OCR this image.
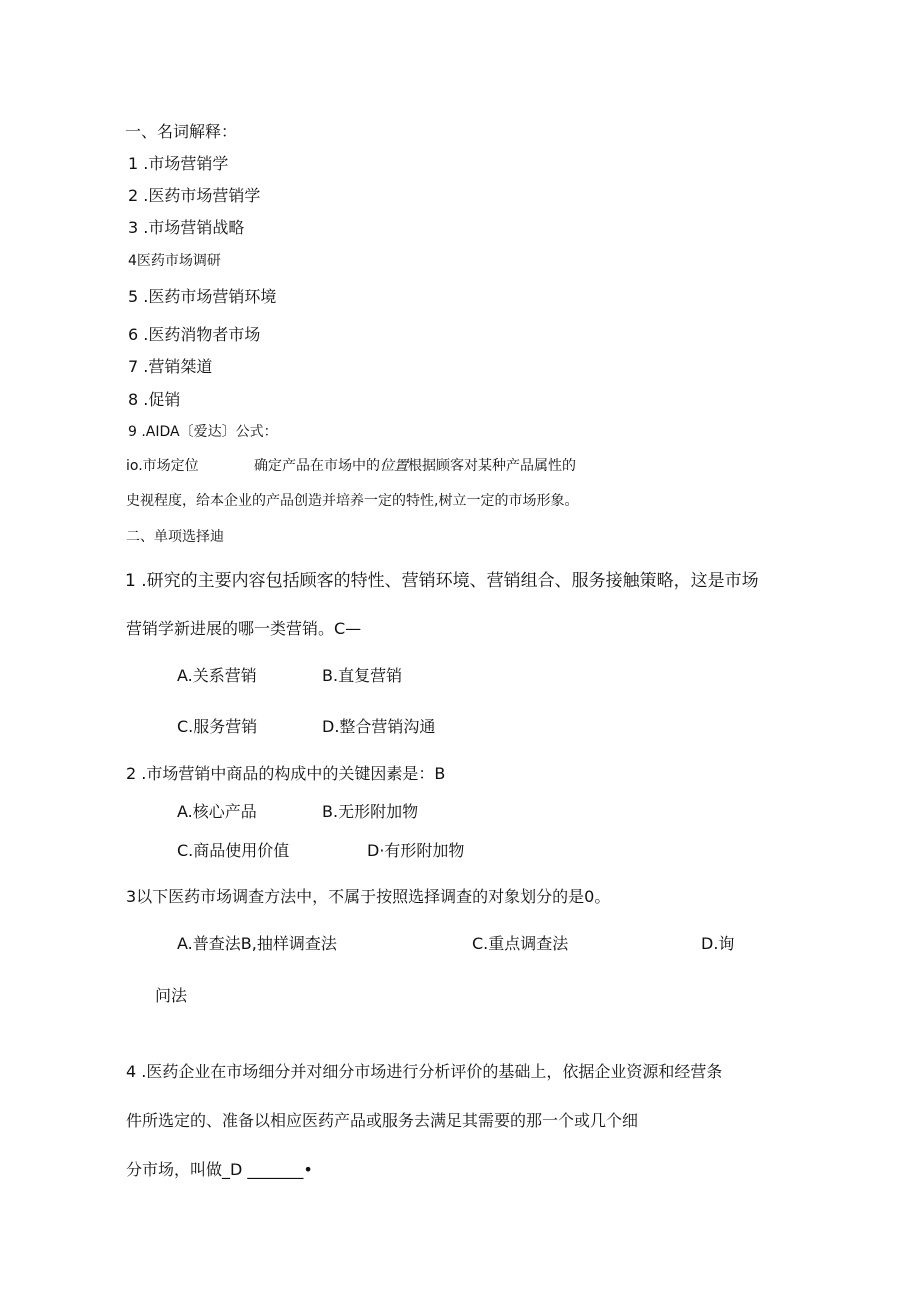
一、名词解释：
1 .市场营销学
2 .医药市场营销学
3 .市场营销战略
4医药市场调研
5 .医药市场营销环境
6 .医药消物者市场
7 .营销桀道
8 .促销
9 .AIDA〔爱达〕公式：
io.市场定位	确定产品在市场中的位置根据顾客对某种产品属性的
史视程度，给本企业的产品创造并培养一定的特性,树立一定的市场形象。
二、单项选择迪
1 .研究的主要内容包括顾客的特性、营销环境、营销组合、服务接触策略，这是市场
营销学新进展的哪一类营销。C—
A.关系营销	B.直复营销
C.服务营销	D.整合营销沟通
2 .市场营销中商品的构成中的关键因素是：B
A.核心产品	B.无形附加物
C.商品使用价值	D·有形附加物
3以下医药市场调查方法中，不属于按照选择调查的对象划分的是0。
A.普查法B,抽样调查法	C.重点调查法	D.询
问法
4 .医药企业在市场细分并对细分市场进行分析评价的基础上，依据企业资源和经营条
件所选定的、准备以相应医药产品或服务去满足其需要的那一个或几个细
分市场，叫做_D _______•
